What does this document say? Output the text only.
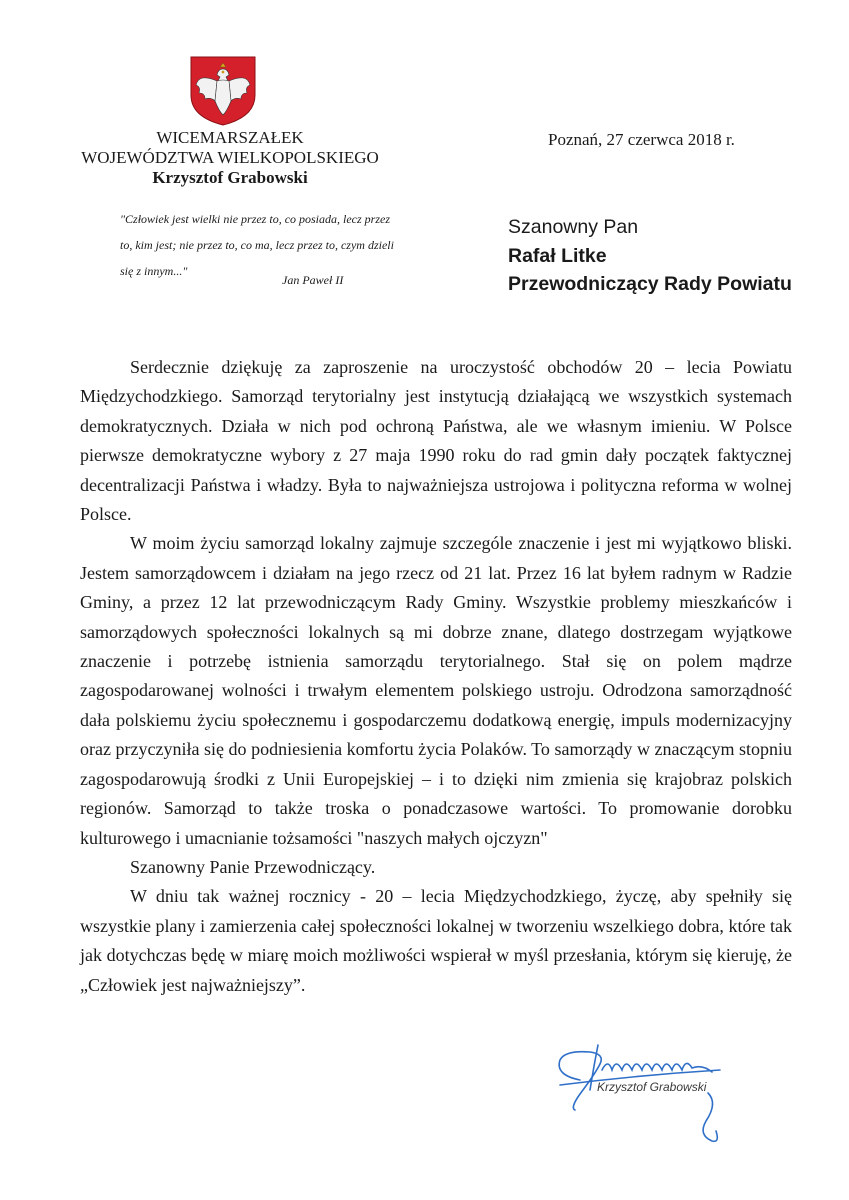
WICEMARSZAŁEK
WOJEWÓDZTWA WIELKOPOLSKIEGO
Krzysztof Grabowski
Poznań, 27 czerwca 2018 r.
"Człowiek jest wielki nie przez to, co posiada, lecz przez to, kim jest; nie przez to, co ma, lecz przez to, czym dzieli się z innym..."
Jan Paweł II
Szanowny Pan
Rafał Litke
Przewodniczący Rady Powiatu

Serdecznie dziękuję za zaproszenie na uroczystość obchodów 20 – lecia Powiatu Międzychodzkiego. Samorząd terytorialny jest instytucją działającą we wszystkich systemach demokratycznych. Działa w nich pod ochroną Państwa, ale we własnym imieniu. W Polsce pierwsze demokratyczne wybory z 27 maja 1990 roku do rad gmin dały początek faktycznej decentralizacji Państwa i władzy. Była to najważniejsza ustrojowa i polityczna reforma w wolnej Polsce.

W moim życiu samorząd lokalny zajmuje szczególe znaczenie i jest mi wyjątkowo bliski. Jestem samorządowcem i działam na jego rzecz od 21 lat. Przez 16 lat byłem radnym w Radzie Gminy, a przez 12 lat przewodniczącym Rady Gminy. Wszystkie problemy mieszkańców i samorządowych społeczności lokalnych są mi dobrze znane, dlatego dostrzegam wyjątkowe znaczenie i potrzebę istnienia samorządu terytorialnego. Stał się on polem mądrze zagospodarowanej wolności i trwałym elementem polskiego ustroju. Odrodzona samorządność dała polskiemu życiu społecznemu i gospodarczemu dodatkową energię, impuls modernizacyjny oraz przyczyniła się do podniesienia komfortu życia Polaków. To samorządy w znaczącym stopniu zagospodarowują środki z Unii Europejskiej – i to dzięki nim zmienia się krajobraz polskich regionów. Samorząd to także troska o ponadczasowe wartości. To promowanie dorobku kulturowego i umacnianie tożsamości "naszych małych ojczyzn"

Szanowny Panie Przewodniczący.

W dniu tak ważnej rocznicy - 20 – lecia Międzychodzkiego, życzę, aby spełniły się wszystkie plany i zamierzenia całej społeczności lokalnej w tworzeniu wszelkiego dobra, które tak jak dotychczas będę w miarę moich możliwości wspierał w myśl przesłania, którym się kieruję, że „Człowiek jest najważniejszy”.

Krzysztof Grabowski
